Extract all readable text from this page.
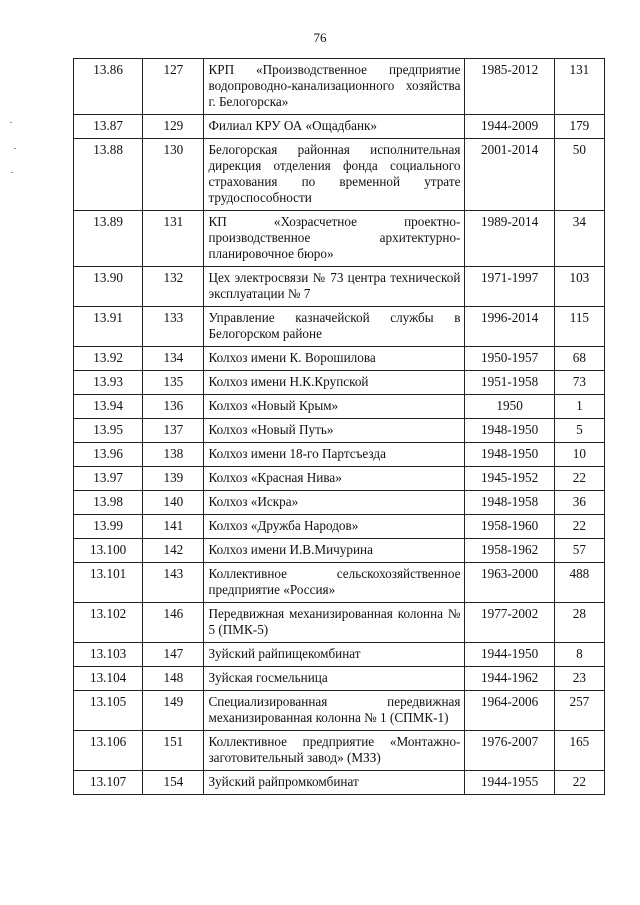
76
13.86	127	КРП «Производственное предприятие водопроводно-канализационного хозяйства г. Белогорска»	1985-2012	131
13.87	129	Филиал КРУ ОА «Ощадбанк»	1944-2009	179
13.88	130	Белогорская районная исполнительная дирекция отделения фонда социального страхования по временной утрате трудоспособности	2001-2014	50
13.89	131	КП «Хозрасчетное проектно-производственное архитектурно-планировочное бюро»	1989-2014	34
13.90	132	Цех электросвязи № 73 центра технической эксплуатации № 7	1971-1997	103
13.91	133	Управление казначейской службы в Белогорском районе	1996-2014	115
13.92	134	Колхоз имени К. Ворошилова	1950-1957	68
13.93	135	Колхоз имени Н.К.Крупской	1951-1958	73
13.94	136	Колхоз «Новый Крым»	1950	1
13.95	137	Колхоз «Новый Путь»	1948-1950	5
13.96	138	Колхоз имени 18-го Партсъезда	1948-1950	10
13.97	139	Колхоз «Красная Нива»	1945-1952	22
13.98	140	Колхоз «Искра»	1948-1958	36
13.99	141	Колхоз «Дружба Народов»	1958-1960	22
13.100	142	Колхоз имени И.В.Мичурина	1958-1962	57
13.101	143	Коллективное сельскохозяйственное предприятие «Россия»	1963-2000	488
13.102	146	Передвижная механизированная колонна № 5 (ПМК-5)	1977-2002	28
13.103	147	Зуйский райпищекомбинат	1944-1950	8
13.104	148	Зуйская госмельница	1944-1962	23
13.105	149	Специализированная передвижная механизированная колонна № 1 (СПМК-1)	1964-2006	257
13.106	151	Коллективное предприятие «Монтажно-заготовительный завод» (МЗЗ)	1976-2007	165
13.107	154	Зуйский райпромкомбинат	1944-1955	22
